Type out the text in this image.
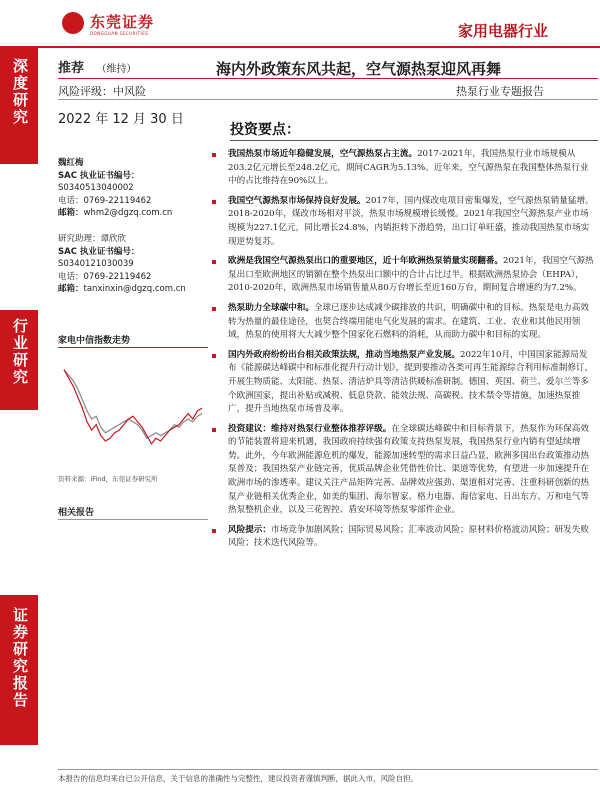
东莞证券
DONGGUAN SECURITIES	家用电器行业
深度研究
行业研究
证券研究报告
推荐 （维持）	海内外政策东风共起，空气源热泵迎风再舞
风险评级：中风险	热泵行业专题报告
2022 年 12 月 30 日
魏红梅
SAC 执业证书编号：
S0340513040002
电话：0769-22119462
邮箱：whm2@dgzq.com.cn
研究助理：谭欣欣
SAC 执业证书编号：
S0340121030039
电话：0769-22119462
邮箱：tanxinxin@dgzq.com.cn
家电中信指数走势
资料来源：iFind，东莞证券研究所
相关报告
投资要点：
我国热泵市场近年稳健发展，空气源热泵占主流。2017-2021年，我国热泵行业市场规模从203.2亿元增长至248.2亿元，期间CAGR为5.13%。近年来，空气源热泵在我国整体热泵行业中的占比维持在90%以上。
我国空气源热泵市场保持良好发展。2017年，国内煤改电项目密集爆发，空气源热泵销量猛增。2018-2020年，煤改市场相对平淡，热泵市场规模增长缓慢。2021年我国空气源热泵产业市场规模为227.1亿元，同比增长24.8%，内销拒转下滑趋势，出口订单旺盛，推动我国热泵市场实现逆势复苏。
欧洲是我国空气源热泵出口的重要地区，近十年欧洲热泵销量实现翻番。2021年，我国空气源热泵出口至欧洲地区的销额在整个热泵出口额中的合计占比过半。根据欧洲热泵协会（EHPA），2010-2020年，欧洲热泵市场销售量从80万台增长至近160万台，期间复合增速约为7.2%。
热泵助力全球碳中和。全球已逐步达成减少碳排放的共识，明确碳中和的目标。热泵是电力高效转为热量的最佳途径，也契合终端用能电气化发展的需求。在建筑、工业、农业和其他民用领域，热泵的使用将大大减少整个国家化石燃料的消耗，从而助力碳中和目标的实现。
国内外政府纷纷出台相关政策法规，推动当地热泵产业发展。2022年10月，中国国家能源局发布《能源碳达峰碳中和标准化提升行动计划》，提到要推动各类可再生能源综合利用标准制修订，开展生物质能、太阳能、热泵、清洁炉具等清洁供暖标准研制。德国、英国、荷兰、爱尔兰等多个欧洲国家，提出补贴或减税、低息贷款、能效法规、高碳税、技术禁令等措施，加速热泵推广，提升当地热泵市场普及率。
投资建议：维持对热泵行业整体推荐评级。在全球碳达峰碳中和目标背景下，热泵作为环保高效的节能装置将迎来机遇，我国政府持续强有政策支持热泵发展，我国热泵行业内销有望延续增势。此外，今年欧洲能源危机的爆发，能源加速转型的需求日益凸显，欧洲多国出台政策推动热泵普及；我国热泵产业链完善，优质品牌企业凭借性价比、渠道等优势，有望进一步加速提升在欧洲市场的渗透率。建议关注产品矩阵完善、品牌效应强劲、渠道相对完善、注重科研创新的热泵产业链相关优秀企业，如美的集团、海尔智家、格力电器、海信家电、日出东方、万和电气等热泵整机企业，以及三花智控、盾安环境等热泵零部件企业。
风险提示：市场竞争加剧风险；国际贸易风险；汇率波动风险；原材料价格波动风险；研发失败风险；技术迭代风险等。
本报告的信息均来自已公开信息，关于信息的准确性与完整性，建议投资者谨慎判断，据此入市，风险自担。
